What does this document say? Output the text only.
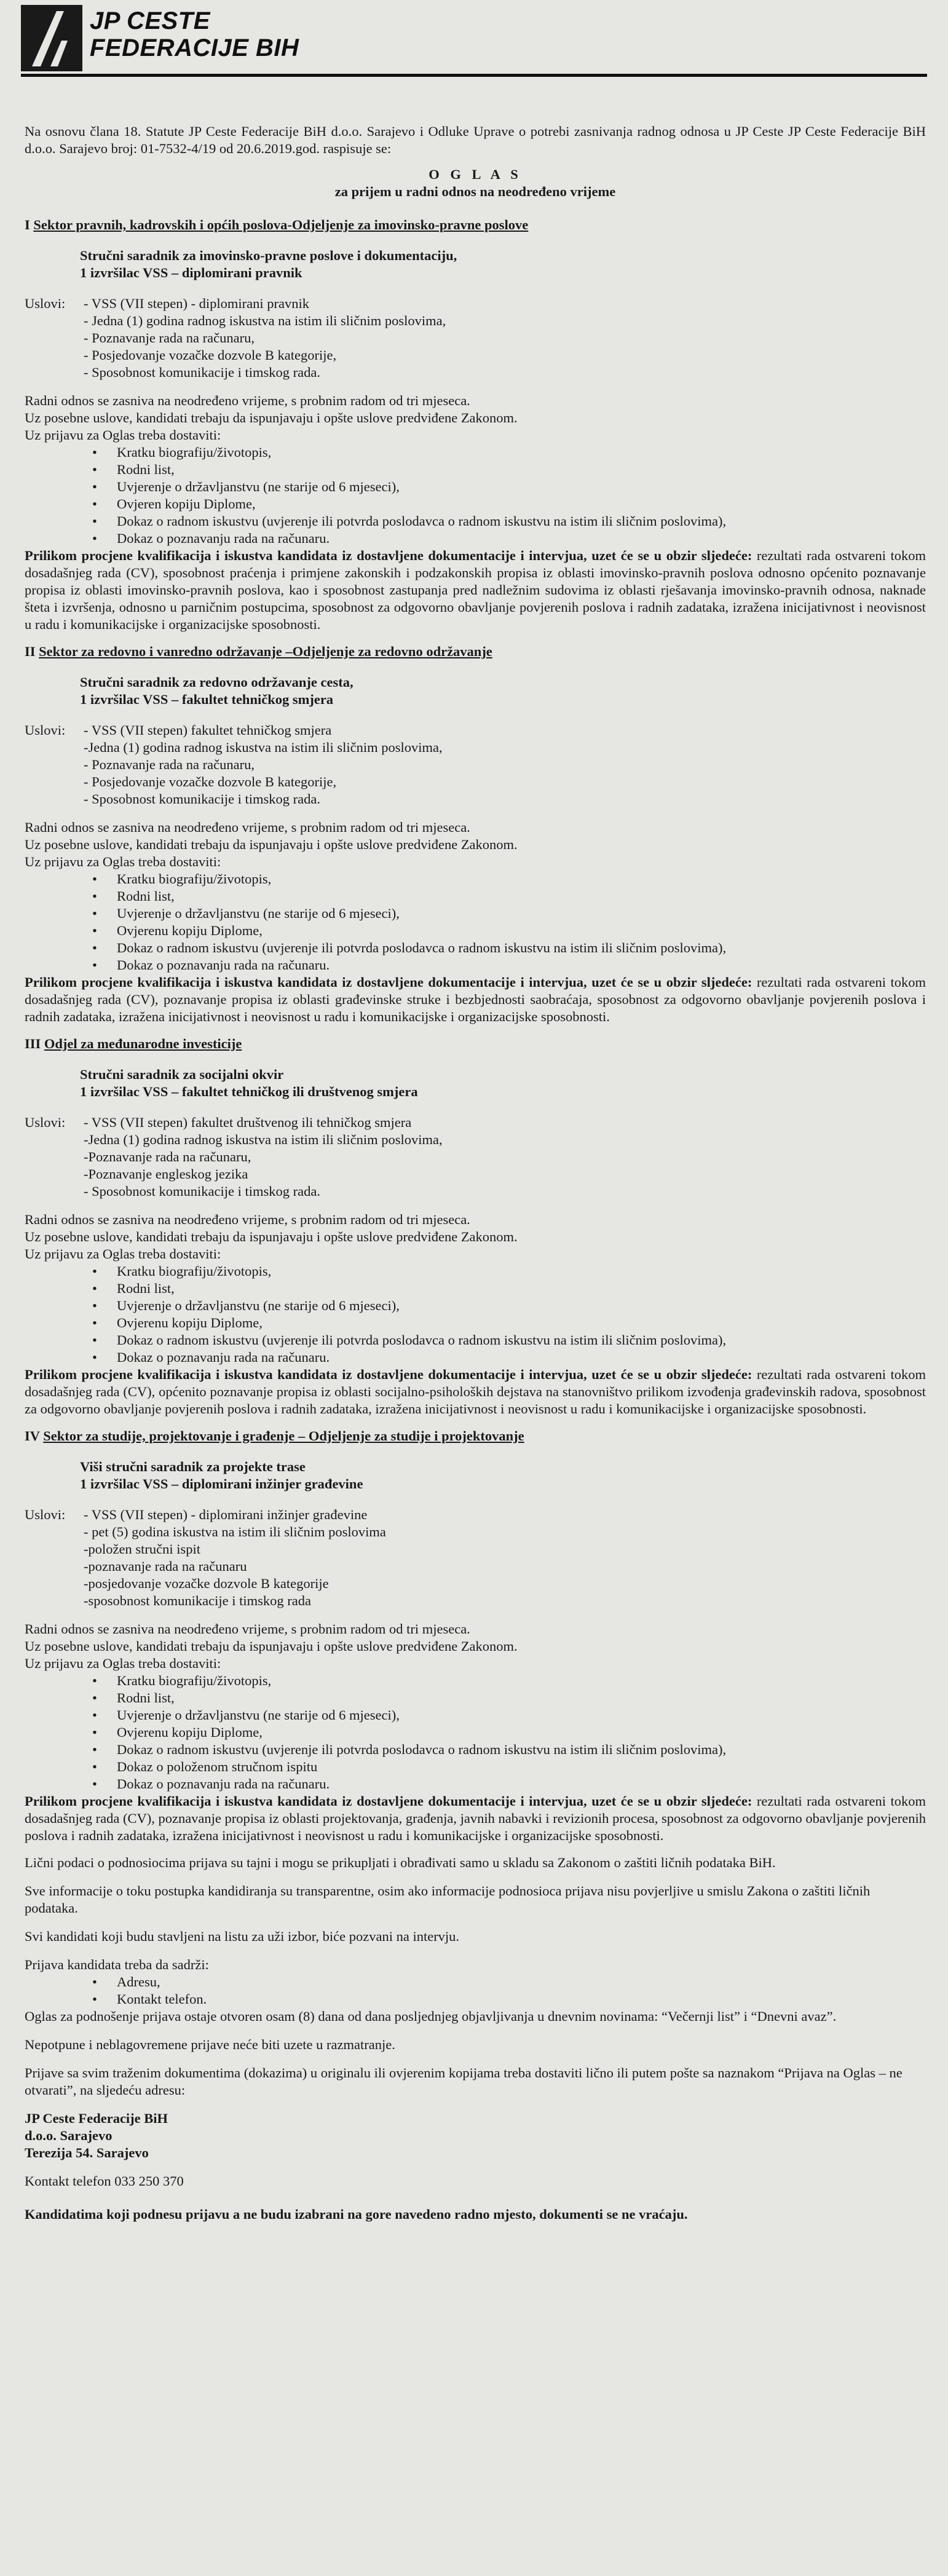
JP CESTE
FEDERACIJE BIH

Na osnovu člana 18. Statute JP Ceste Federacije BiH d.o.o. Sarajevo i Odluke Uprave o potrebi zasnivanja radnog odnosa u JP Ceste JP Ceste Federacije BiH d.o.o. Sarajevo broj: 01-7532-4/19 od 20.6.2019.god. raspisuje se:

O G L A S

za prijem u radni odnos na neodređeno vrijeme

I Sektor pravnih, kadrovskih i općih poslova-Odjeljenje za imovinsko-pravne poslove

Stručni saradnik za imovinsko-pravne poslove i dokumentaciju,
1 izvršilac VSS – diplomirani pravnik
Uslovi:	- VSS (VII stepen) - diplomirani pravnik
- Jedna (1) godina radnog iskustva na istim ili sličnim poslovima,
- Poznavanje rada na računaru,
- Posjedovanje vozačke dozvole B kategorije,
- Sposobnost komunikacije i timskog rada.

Radni odnos se zasniva na neodređeno vrijeme, s probnim radom od tri mjeseca.

Uz posebne uslove, kandidati trebaju da ispunjavaju i opšte uslove predviđene Zakonom.

Uz prijavu za Oglas treba dostaviti:

• Kratku biografiju/životopis,
• Rodni list,
• Uvjerenje o državljanstvu (ne starije od 6 mjeseci),
• Ovjeren kopiju Diplome,
• Dokaz o radnom iskustvu (uvjerenje ili potvrda poslodavca o radnom iskustvu na istim ili sličnim poslovima),
• Dokaz o poznavanju rada na računaru.

Prilikom procjene kvalifikacija i iskustva kandidata iz dostavljene dokumentacije i intervjua, uzet će se u obzir sljedeće: rezultati rada ostvareni tokom dosadašnjeg rada (CV), sposobnost praćenja i primjene zakonskih i podzakonskih propisa iz oblasti imovinsko-pravnih poslova odnosno općenito poznavanje propisa iz oblasti imovinsko-pravnih poslova, kao i sposobnost zastupanja pred nadležnim sudovima iz oblasti rješavanja imovinsko-pravnih odnosa, naknade šteta i izvršenja, odnosno u parničnim postupcima, sposobnost za odgovorno obavljanje povjerenih poslova i radnih zadataka, izražena inicijativnost i neovisnost u radu i komunikacijske i organizacijske sposobnosti.

II Sektor za redovno i vanredno održavanje –Odjeljenje za redovno održavanje

Stručni saradnik za redovno održavanje cesta,
1 izvršilac VSS – fakultet tehničkog smjera
Uslovi:	- VSS (VII stepen) fakultet tehničkog smjera
-Jedna (1) godina radnog iskustva na istim ili sličnim poslovima,
- Poznavanje rada na računaru,
- Posjedovanje vozačke dozvole B kategorije,
- Sposobnost komunikacije i timskog rada.

Radni odnos se zasniva na neodređeno vrijeme, s probnim radom od tri mjeseca.

Uz posebne uslove, kandidati trebaju da ispunjavaju i opšte uslove predviđene Zakonom.

Uz prijavu za Oglas treba dostaviti:

• Kratku biografiju/životopis,
• Rodni list,
• Uvjerenje o državljanstvu (ne starije od 6 mjeseci),
• Ovjerenu kopiju Diplome,
• Dokaz o radnom iskustvu (uvjerenje ili potvrda poslodavca o radnom iskustvu na istim ili sličnim poslovima),
• Dokaz o poznavanju rada na računaru.

Prilikom procjene kvalifikacija i iskustva kandidata iz dostavljene dokumentacije i intervjua, uzet će se u obzir sljedeće: rezultati rada ostvareni tokom dosadašnjeg rada (CV), poznavanje propisa iz oblasti građevinske struke i bezbjednosti saobraćaja, sposobnost za odgovorno obavljanje povjerenih poslova i radnih zadataka, izražena inicijativnost i neovisnost u radu i komunikacijske i organizacijske sposobnosti.

III Odjel za međunarodne investicije

Stručni saradnik za socijalni okvir
1 izvršilac VSS – fakultet tehničkog ili društvenog smjera
Uslovi:	- VSS (VII stepen) fakultet društvenog ili tehničkog smjera
-Jedna (1) godina radnog iskustva na istim ili sličnim poslovima,
-Poznavanje rada na računaru,
-Poznavanje engleskog jezika
- Sposobnost komunikacije i timskog rada.

Radni odnos se zasniva na neodređeno vrijeme, s probnim radom od tri mjeseca.

Uz posebne uslove, kandidati trebaju da ispunjavaju i opšte uslove predviđene Zakonom.

Uz prijavu za Oglas treba dostaviti:

• Kratku biografiju/životopis,
• Rodni list,
• Uvjerenje o državljanstvu (ne starije od 6 mjeseci),
• Ovjerenu kopiju Diplome,
• Dokaz o radnom iskustvu (uvjerenje ili potvrda poslodavca o radnom iskustvu na istim ili sličnim poslovima),
• Dokaz o poznavanju rada na računaru.

Prilikom procjene kvalifikacija i iskustva kandidata iz dostavljene dokumentacije i intervjua, uzet će se u obzir sljedeće: rezultati rada ostvareni tokom dosadašnjeg rada (CV), općenito poznavanje propisa iz oblasti socijalno-psiholoških dejstava na stanovništvo prilikom izvođenja građevinskih radova, sposobnost za odgovorno obavljanje povjerenih poslova i radnih zadataka, izražena inicijativnost i neovisnost u radu i komunikacijske i organizacijske sposobnosti.

IV Sektor za studije, projektovanje i građenje – Odjeljenje za studije i projektovanje

Viši stručni saradnik za projekte trase
1 izvršilac VSS – diplomirani inžinjer građevine
Uslovi:	- VSS (VII stepen) - diplomirani inžinjer građevine
- pet (5) godina iskustva na istim ili sličnim poslovima
-položen stručni ispit
-poznavanje rada na računaru
-posjedovanje vozačke dozvole B kategorije
-sposobnost komunikacije i timskog rada

Radni odnos se zasniva na neodređeno vrijeme, s probnim radom od tri mjeseca.

Uz posebne uslove, kandidati trebaju da ispunjavaju i opšte uslove predviđene Zakonom.

Uz prijavu za Oglas treba dostaviti:

• Kratku biografiju/životopis,
• Rodni list,
• Uvjerenje o državljanstvu (ne starije od 6 mjeseci),
• Ovjerenu kopiju Diplome,
• Dokaz o radnom iskustvu (uvjerenje ili potvrda poslodavca o radnom iskustvu na istim ili sličnim poslovima),
• Dokaz o položenom stručnom ispitu
• Dokaz o poznavanju rada na računaru.

Prilikom procjene kvalifikacija i iskustva kandidata iz dostavljene dokumentacije i intervjua, uzet će se u obzir sljedeće: rezultati rada ostvareni tokom dosadašnjeg rada (CV), poznavanje propisa iz oblasti projektovanja, građenja, javnih nabavki i revizionih procesa, sposobnost za odgovorno obavljanje povjerenih poslova i radnih zadataka, izražena inicijativnost i neovisnost u radu i komunikacijske i organizacijske sposobnosti.

Lični podaci o podnosiocima prijava su tajni i mogu se prikupljati i obrađivati samo u skladu sa Zakonom o zaštiti ličnih podataka BiH.

Sve informacije o toku postupka kandidiranja su transparentne, osim ako informacije podnosioca prijava nisu povjerljive u smislu Zakona o zaštiti ličnih podataka.

Svi kandidati koji budu stavljeni na listu za uži izbor, biće pozvani na intervju.

Prijava kandidata treba da sadrži:

• Adresu,
• Kontakt telefon.

Oglas za podnošenje prijava ostaje otvoren osam (8) dana od dana posljednjeg objavljivanja u dnevnim novinama: “Večernji list” i “Dnevni avaz”.

Nepotpune i neblagovremene prijave neće biti uzete u razmatranje.

Prijave sa svim traženim dokumentima (dokazima) u originalu ili ovjerenim kopijama treba dostaviti lično ili putem pošte sa naznakom “Prijava na Oglas – ne otvarati”, na sljedeću adresu:

JP Ceste Federacije BiH
d.o.o. Sarajevo
Terezija 54. Sarajevo

Kontakt telefon 033 250 370

Kandidatima koji podnesu prijavu a ne budu izabrani na gore navedeno radno mjesto, dokumenti se ne vraćaju.
